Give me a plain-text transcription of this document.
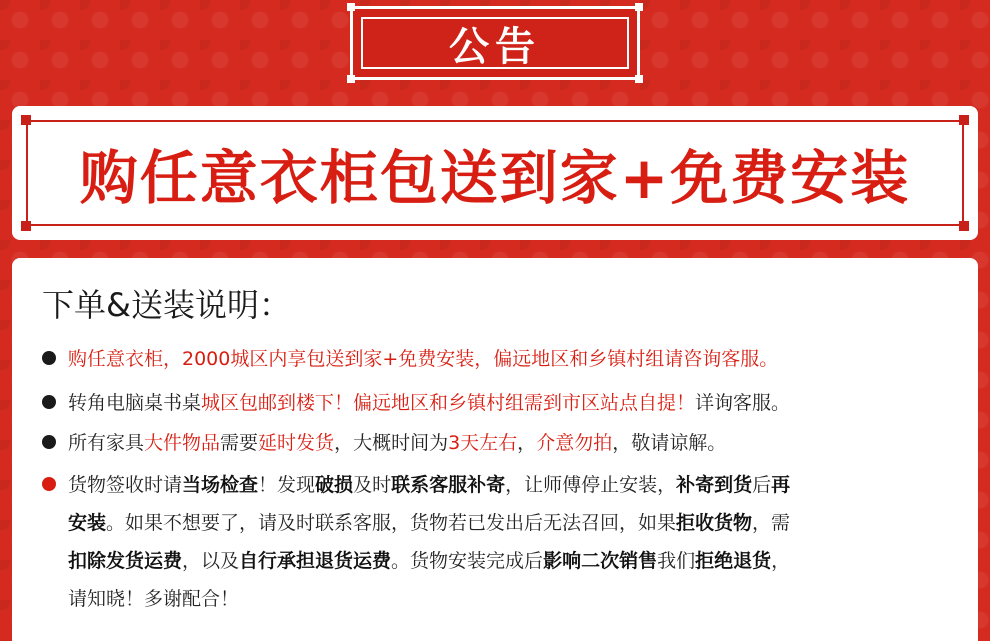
公告
购任意衣柜包送到家+免费安装
下单&送装说明：
购任意衣柜，2000城区内享包送到家+免费安装，偏远地区和乡镇村组请咨询客服。
转角电脑桌书桌城区包邮到楼下！偏远地区和乡镇村组需到市区站点自提！详询客服。
所有家具大件物品需要延时发货，大概时间为3天左右，介意勿拍，敬请谅解。
货物签收时请当场检查！发现破损及时联系客服补寄，让师傅停止安装，补寄到货后再
安装。如果不想要了，请及时联系客服，货物若已发出后无法召回，如果拒收货物，需
扣除发货运费，以及自行承担退货运费。货物安装完成后影响二次销售我们拒绝退货，
请知晓！多谢配合！
